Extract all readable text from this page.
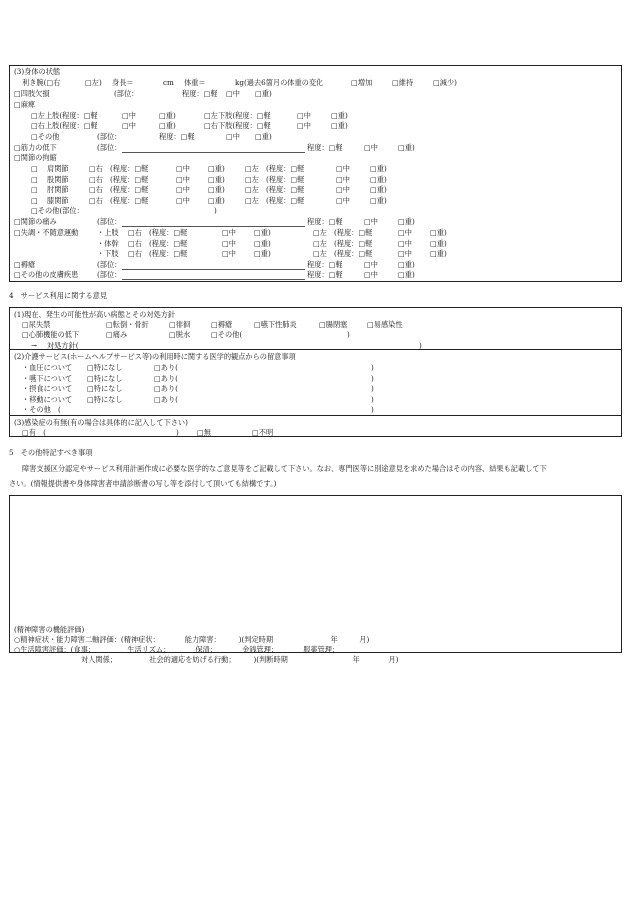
(3)身体の状態
利き腕(□右	□左) 身長＝	cm 体重＝	kg(過去6箇月の体重の変化	□増加	□維持	□減少)
□四肢欠損	(部位：	程度：□軽 □中 □重)
□麻痺
□左上肢(程度：□軽	□中	□重)	□左下肢(程度：□軽	□中	□重)
□右上肢(程度：□軽	□中	□重)	□右下肢(程度：□軽	□中	□重)
□その他	(部位：	程度：□軽	□中 □重)
□筋力の低下	(部位：	程度：□軽	□中	□重)
□関節の拘縮
□ 肩関節	□右 (程度：□軽	□中	□重)	□左 (程度：□軽	□中	□重)
□ 股関節	□右 (程度：□軽	□中	□重)	□左 (程度：□軽	□中	□重)
□ 肘関節	□右 (程度：□軽	□中	□重)	□左 (程度：□軽	□中	□重)
□ 膝関節	□右 (程度：□軽	□中	□重)	□左 (程度：□軽	□中	□重)
□その他(部位：	)
□関節の痛み	(部位：	程度：□軽	□中	□重)
□失調・不随意運動	・上肢 □右 (程度：□軽	□中	□重)	□左 (程度：□軽	□中	□重)
・体幹 □右 (程度：□軽	□中	□重)	□左 (程度：□軽	□中	□重)
・下肢 □右 (程度：□軽	□中	□重)	□左 (程度：□軽	□中	□重)
□褥瘡	(部位：	程度：□軽	□中	□重)
□その他の皮膚疾患	(部位：	程度：□軽	□中	□重)
4　サービス利用に関する意見
(1)現在、発生の可能性が高い病態とその対処方針
□尿失禁	□転倒・骨折	□徘徊	□褥瘡	□嚥下性肺炎	□腸閉塞	□易感染性
□心肺機能の低下	□痛み	□脱水	□その他(	)
→ 対処方針(	)
(2)介護サービス(ホームヘルプサービス等)の利用時に関する医学的観点からの留意事項
・血圧について □特になし	□あり(	)
・嚥下について □特になし	□あり(	)
・摂食について □特になし	□あり(	)
・移動について □特になし	□あり(	)
・その他　(	)
(3)感染症の有無(有の場合は具体的に記入して下さい)
□有　(	)	□無	□不明
5　その他特記すべき事項
障害支援区分認定やサービス利用計画作成に必要な医学的なご意見等をご記載して下さい。なお、専門医等に別途意見を求めた場合はその内容、結果も記載して下
さい。(情報提供書や身体障害者申請診断書の写し等を添付して頂いても結構です。)
(精神障害の機能評価)
○精神症状・能力障害二軸評価：(精神症状：　　　　能力障害：　　　)(判定時期　　　　　　　　年　　　月)
○生活障害評価：(食事；　　　　　生活リズム；　　　　保清；　　　　金銭管理；　　　　服薬管理；
対人関係；　　　　　社会的適応を妨げる行動；　　　)(判断時期　　　　　　　　　年　　　　月)
